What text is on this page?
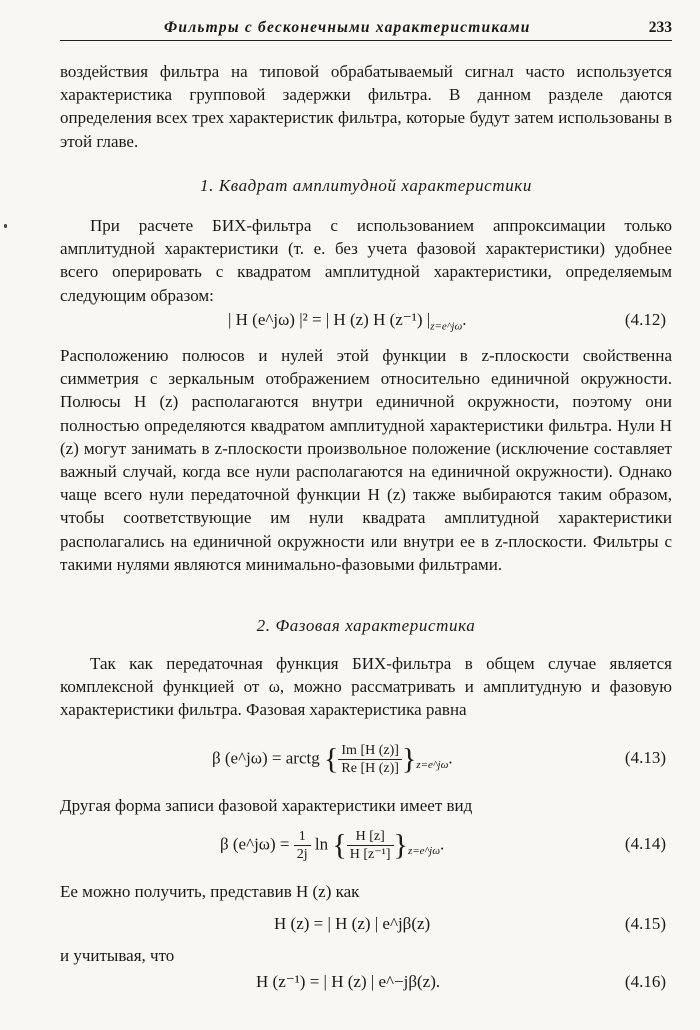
Фильтры с бесконечными характеристиками	233

воздействия фильтра на типовой обрабатываемый сигнал часто используется характеристика групповой задержки фильтра. В данном разделе даются определения всех трех характеристик фильтра, которые будут затем использованы в этой главе.

1. Квадрат амплитудной характеристики

При расчете БИХ-фильтра с использованием аппроксимации только амплитудной характеристики (т. е. без учета фазовой характеристики) удобнее всего оперировать с квадратом амплитудной характеристики, определяемым следующим образом:

| H (e^jω) |² = | H (z) H (z⁻¹) $|_{z=e\^{}j\omega}$.	(4.12)

Расположению полюсов и нулей этой функции в z-плоскости свойственна симметрия с зеркальным отображением относительно единичной окружности. Полюсы H (z) располагаются внутри единичной окружности, поэтому они полностью определяются квадратом амплитудной характеристики фильтра. Нули H (z) могут занимать в z-плоскости произвольное положение (исключение составляет важный случай, когда все нули располагаются на единичной окружности). Однако чаще всего нули передаточной функции H (z) также выбираются таким образом, чтобы соответствующие им нули квадрата амплитудной характеристики располагались на единичной окружности или внутри ее в z-плоскости. Фильтры с такими нулями являются минимально-фазовыми фильтрами.

2. Фазовая характеристика

Так как передаточная функция БИХ-фильтра в общем случае является комплексной функцией от ω, можно рассматривать и амплитудную и фазовую характеристики фильтра. Фазовая характеристика равна

β (e^jω) = arctg { $\frac{Im [H (z)]}{Re [H (z)]} \}_{z=e\^{}j\omega}$.	(4.13)

Другая форма записи фазовой характеристики имеет вид

β (e^jω) = $\frac{1}{2j}$ ln { $\frac{H [z]}{\text{H [z⁻¹]}} \}_{z=e\^{}j\omega}$.	(4.14)

Ее можно получить, представив H (z) как

H (z) = | H (z) | e^jβ(z)	(4.15)

и учитывая, что

H (z⁻¹) = | H (z) | e^−jβ(z).	(4.16)
